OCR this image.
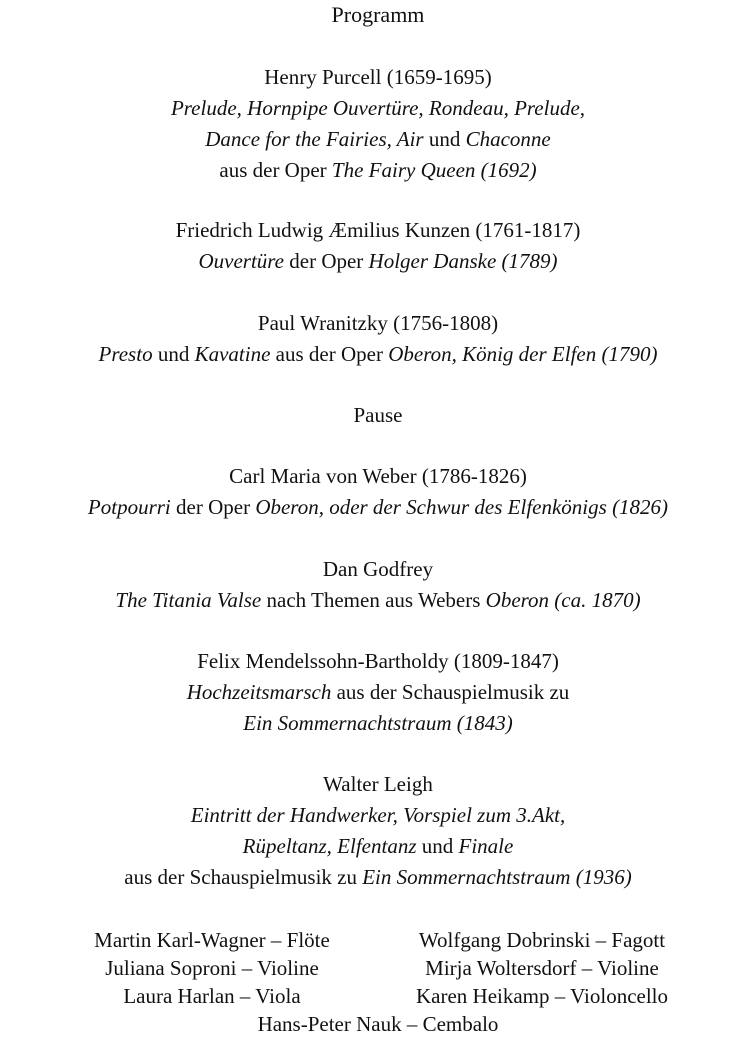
Programm
Henry Purcell (1659-1695)
Prelude, Hornpipe Ouvertüre, Rondeau, Prelude,
Dance for the Fairies, Air und Chaconne
aus der Oper The Fairy Queen (1692)
Friedrich Ludwig Æmilius Kunzen (1761-1817)
Ouvertüre der Oper Holger Danske (1789)
Paul Wranitzky (1756-1808)
Presto und Kavatine aus der Oper Oberon, König der Elfen (1790)
Pause
Carl Maria von Weber (1786-1826)
Potpourri der Oper Oberon, oder der Schwur des Elfenkönigs (1826)
Dan Godfrey
The Titania Valse nach Themen aus Webers Oberon (ca. 1870)
Felix Mendelssohn-Bartholdy (1809-1847)
Hochzeitsmarsch aus der Schauspielmusik zu
Ein Sommernachtstraum (1843)
Walter Leigh
Eintritt der Handwerker, Vorspiel zum 3.Akt,
Rüpeltanz, Elfentanz und Finale
aus der Schauspielmusik zu Ein Sommernachtstraum (1936)
Martin Karl-Wagner – Flöte	Wolfgang Dobrinski – Fagott
Juliana Soproni – Violine	Mirja Woltersdorf – Violine
Laura Harlan – Viola	Karen Heikamp – Violoncello
Hans-Peter Nauk – Cembalo
